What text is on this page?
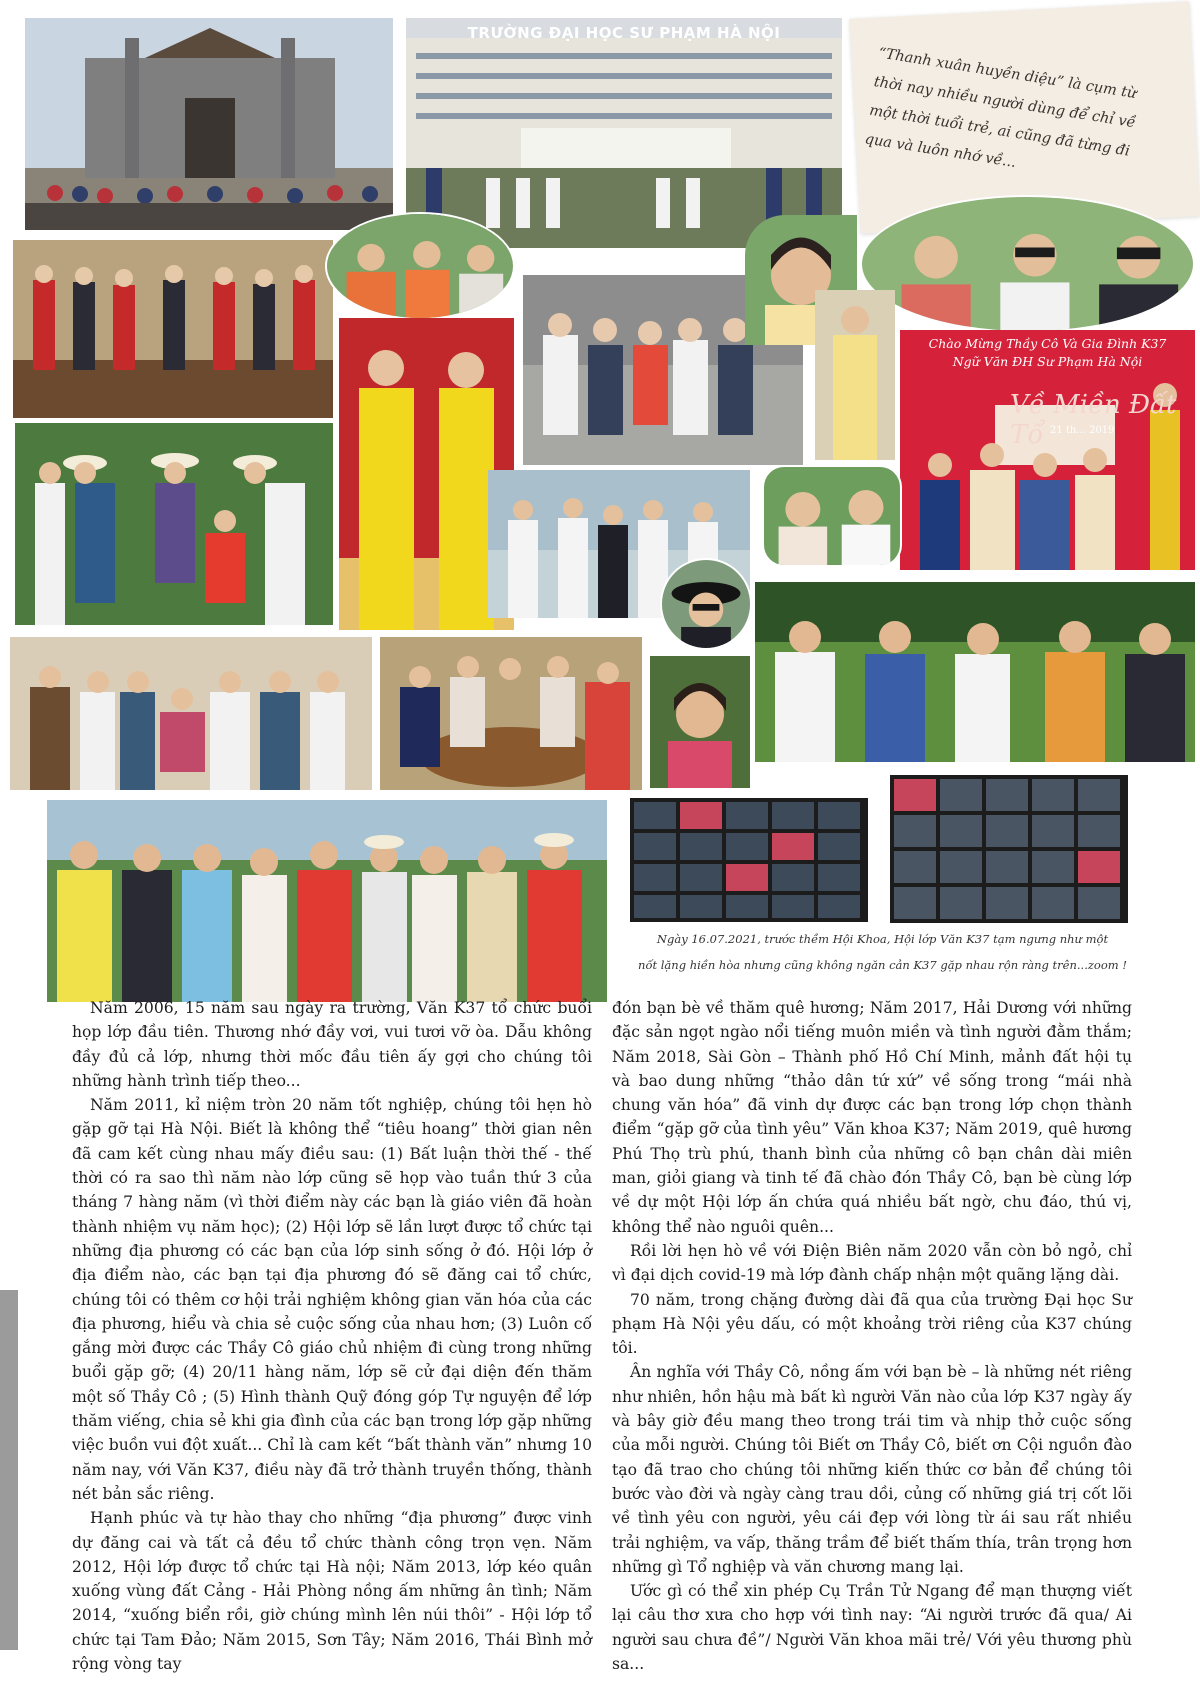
TRƯỜNG ĐẠI HỌC SƯ PHẠM HÀ NỘI
“Thanh xuân huyền diệu” là cụm từ thời nay nhiều người dùng để chỉ về một thời tuổi trẻ, ai cũng đã từng đi qua và luôn nhớ về...
Chào Mừng Thầy Cô Và Gia Đình K37
Ngữ Văn ĐH Sư Phạm Hà Nội
Về Miền Đất Tổ 21 th... 2019
Ngày 16.07.2021, trước thềm Hội Khoa, Hội lớp Văn K37 tạm ngưng như một
nốt lặng hiền hòa nhưng cũng không ngăn cản K37 gặp nhau rộn ràng trên...zoom !

Năm 2006, 15 năm sau ngày ra trường, Văn K37 tổ chức buổi họp lớp đầu tiên. Thương nhớ đầy vơi, vui tươi vỡ òa. Dẫu không đầy đủ cả lớp, nhưng thời mốc đầu tiên ấy gợi cho chúng tôi những hành trình tiếp theo...

Năm 2011, kỉ niệm tròn 20 năm tốt nghiệp, chúng tôi hẹn hò gặp gỡ tại Hà Nội. Biết là không thể “tiêu hoang” thời gian nên đã cam kết cùng nhau mấy điều sau: (1) Bất luận thời thế - thế thời có ra sao thì năm nào lớp cũng sẽ họp vào tuần thứ 3 của tháng 7 hàng năm (vì thời điểm này các bạn là giáo viên đã hoàn thành nhiệm vụ năm học); (2) Hội lớp sẽ lần lượt được tổ chức tại những địa phương có các bạn của lớp sinh sống ở đó. Hội lớp ở địa điểm nào, các bạn tại địa phương đó sẽ đăng cai tổ chức, chúng tôi có thêm cơ hội trải nghiệm không gian văn hóa của các địa phương, hiểu và chia sẻ cuộc sống của nhau hơn; (3) Luôn cố gắng mời được các Thầy Cô giáo chủ nhiệm đi cùng trong những buổi gặp gỡ; (4) 20/11 hàng năm, lớp sẽ cử đại diện đến thăm một số Thầy Cô ; (5) Hình thành Quỹ đóng góp Tự nguyện để lớp thăm viếng, chia sẻ khi gia đình của các bạn trong lớp gặp những việc buồn vui đột xuất... Chỉ là cam kết “bất thành văn” nhưng 10 năm nay, với Văn K37, điều này đã trở thành truyền thống, thành nét bản sắc riêng.

Hạnh phúc và tự hào thay cho những “địa phương” được vinh dự đăng cai và tất cả đều tổ chức thành công trọn vẹn. Năm 2012, Hội lớp được tổ chức tại Hà nội; Năm 2013, lớp kéo quân xuống vùng đất Cảng - Hải Phòng nồng ấm những ân tình; Năm 2014, “xuống biển rồi, giờ chúng mình lên núi thôi” - Hội lớp tổ chức tại Tam Đảo; Năm 2015, Sơn Tây; Năm 2016, Thái Bình mở rộng vòng tay

đón bạn bè về thăm quê hương; Năm 2017, Hải Dương với những đặc sản ngọt ngào nổi tiếng muôn miền và tình người đằm thắm; Năm 2018, Sài Gòn – Thành phố Hồ Chí Minh, mảnh đất hội tụ và bao dung những “thảo dân tứ xứ” về sống trong “mái nhà chung văn hóa” đã vinh dự được các bạn trong lớp chọn thành điểm “gặp gỡ của tình yêu” Văn khoa K37; Năm 2019, quê hương Phú Thọ trù phú, thanh bình của những cô bạn chân dài miên man, giỏi giang và tinh tế đã chào đón Thầy Cô, bạn bè cùng lớp về dự một Hội lớp ấn chứa quá nhiều bất ngờ, chu đáo, thú vị, không thể nào nguôi quên...

Rồi lời hẹn hò về với Điện Biên năm 2020 vẫn còn bỏ ngỏ, chỉ vì đại dịch covid-19 mà lớp đành chấp nhận một quãng lặng dài.

70 năm, trong chặng đường dài đã qua của trường Đại học Sư phạm Hà Nội yêu dấu, có một khoảng trời riêng của K37 chúng tôi.

Ân nghĩa với Thầy Cô, nồng ấm với bạn bè – là những nét riêng như nhiên, hồn hậu mà bất kì người Văn nào của lớp K37 ngày ấy và bây giờ đều mang theo trong trái tim và nhịp thở cuộc sống của mỗi người. Chúng tôi Biết ơn Thầy Cô, biết ơn Cội nguồn đào tạo đã trao cho chúng tôi những kiến thức cơ bản để chúng tôi bước vào đời và ngày càng trau dồi, củng cố những giá trị cốt lõi về tình yêu con người, yêu cái đẹp với lòng từ ái sau rất nhiều trải nghiệm, va vấp, thăng trầm để biết thấm thía, trân trọng hơn những gì Tổ nghiệp và văn chương mang lại.

Ước gì có thể xin phép Cụ Trần Tử Ngang để mạn thượng viết lại câu thơ xưa cho hợp với tình nay: “Ai người trước đã qua/ Ai người sau chưa đề”/ Người Văn khoa mãi trẻ/ Với yêu thương phù sa...
